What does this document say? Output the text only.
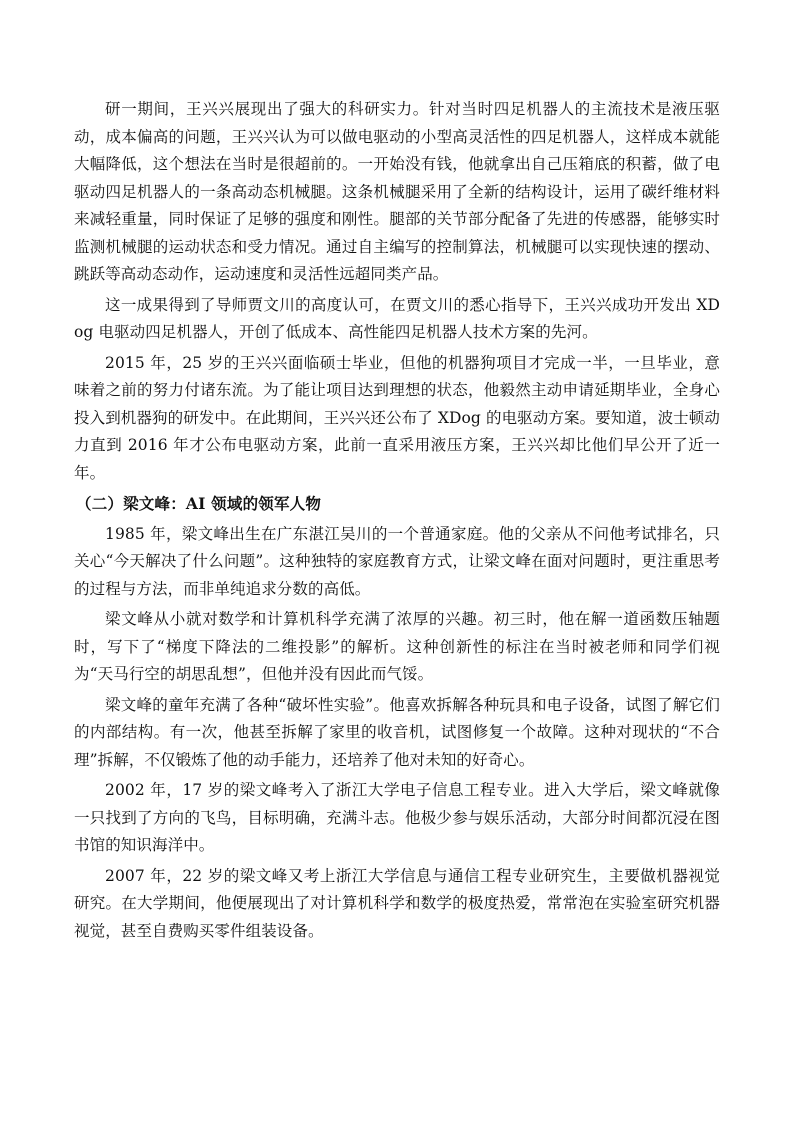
研一期间，王兴兴展现出了强大的科研实力。针对当时四足机器人的主流技术是液压驱动，成本偏高的问题，王兴兴认为可以做电驱动的小型高灵活性的四足机器人，这样成本就能大幅降低，这个想法在当时是很超前的。一开始没有钱，他就拿出自己压箱底的积蓄，做了电驱动四足机器人的一条高动态机械腿。这条机械腿采用了全新的结构设计，运用了碳纤维材料来减轻重量，同时保证了足够的强度和刚性。腿部的关节部分配备了先进的传感器，能够实时监测机械腿的运动状态和受力情况。通过自主编写的控制算法，机械腿可以实现快速的摆动、跳跃等高动态动作，运动速度和灵活性远超同类产品。

这一成果得到了导师贾文川的高度认可，在贾文川的悉心指导下，王兴兴成功开发出 XDog 电驱动四足机器人，开创了低成本、高性能四足机器人技术方案的先河。

2015 年，25 岁的王兴兴面临硕士毕业，但他的机器狗项目才完成一半，一旦毕业，意味着之前的努力付诸东流。为了能让项目达到理想的状态，他毅然主动申请延期毕业，全身心投入到机器狗的研发中。在此期间，王兴兴还公布了 XDog 的电驱动方案。要知道，波士顿动力直到 2016 年才公布电驱动方案，此前一直采用液压方案，王兴兴却比他们早公开了近一年。

（二）梁文峰：AI 领域的领军人物

1985 年，梁文峰出生在广东湛江吴川的一个普通家庭。他的父亲从不问他考试排名，只关心“今天解决了什么问题”。这种独特的家庭教育方式，让梁文峰在面对问题时，更注重思考的过程与方法，而非单纯追求分数的高低。

梁文峰从小就对数学和计算机科学充满了浓厚的兴趣。初三时，他在解一道函数压轴题时，写下了“梯度下降法的二维投影”的解析。这种创新性的标注在当时被老师和同学们视为“天马行空的胡思乱想”，但他并没有因此而气馁。

梁文峰的童年充满了各种“破坏性实验”。他喜欢拆解各种玩具和电子设备，试图了解它们的内部结构。有一次，他甚至拆解了家里的收音机，试图修复一个故障。这种对现状的“不合理”拆解，不仅锻炼了他的动手能力，还培养了他对未知的好奇心。

2002 年，17 岁的梁文峰考入了浙江大学电子信息工程专业。进入大学后，梁文峰就像一只找到了方向的飞鸟，目标明确，充满斗志。他极少参与娱乐活动，大部分时间都沉浸在图书馆的知识海洋中。

2007 年，22 岁的梁文峰又考上浙江大学信息与通信工程专业研究生，主要做机器视觉研究。在大学期间，他便展现出了对计算机科学和数学的极度热爱，常常泡在实验室研究机器视觉，甚至自费购买零件组装设备。
